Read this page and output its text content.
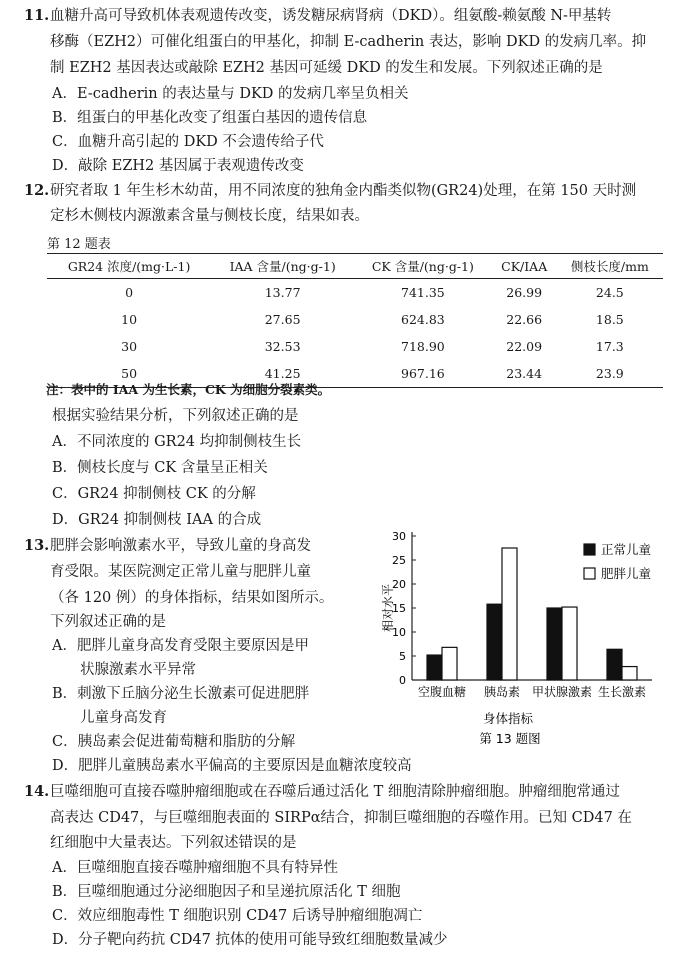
11. 血糖升高可导致机体表观遗传改变，诱发糖尿病肾病（DKD）。组氨酸-赖氨酸 N-甲基转
移酶（EZH2）可催化组蛋白的甲基化，抑制 E-cadherin 表达，影响 DKD 的发病几率。抑
制 EZH2 基因表达或敲除 EZH2 基因可延缓 DKD 的发生和发展。下列叙述正确的是
A．E-cadherin 的表达量与 DKD 的发病几率呈负相关
B．组蛋白的甲基化改变了组蛋白基因的遗传信息
C．血糖升高引起的 DKD 不会遗传给子代
D．敲除 EZH2 基因属于表观遗传改变
12. 研究者取 1 年生杉木幼苗，用不同浓度的独角金内酯类似物(GR24)处理，在第 150 天时测
定杉木侧枝内源激素含量与侧枝长度，结果如表。
第 12 题表
GR24 浓度/(mg·L-1)	IAA 含量/(ng·g-1)	CK 含量/(ng·g-1)	CK/IAA	侧枝长度/mm
0	13.77	741.35	26.99	24.5
10	27.65	624.83	22.66	18.5
30	32.53	718.90	22.09	17.3
50	41.25	967.16	23.44	23.9
注：表中的 IAA 为生长素，CK 为细胞分裂素类。
根据实验结果分析，下列叙述正确的是
A．不同浓度的 GR24 均抑制侧枝生长
B．侧枝长度与 CK 含量呈正相关
C．GR24 抑制侧枝 CK 的分解
D．GR24 抑制侧枝 IAA 的合成
13. 肥胖会影响激素水平，导致儿童的身高发
育受限。某医院测定正常儿童与肥胖儿童
（各 120 例）的身体指标，结果如图所示。
下列叙述正确的是
A．肥胖儿童身高发育受限主要原因是甲
状腺激素水平异常
B．刺激下丘脑分泌生长激素可促进肥胖
儿童身高发育
C．胰岛素会促进葡萄糖和脂肪的分解
D．肥胖儿童胰岛素水平偏高的主要原因是血糖浓度较高
0
5
10
15
20
25
30
空腹血糖 胰岛素 甲状腺激素 生长激素
正常儿童
肥胖儿童
相对水平
身体指标
第 13 题图
14. 巨噬细胞可直接吞噬肿瘤细胞或在吞噬后通过活化 T 细胞清除肿瘤细胞。肿瘤细胞常通过
高表达 CD47，与巨噬细胞表面的 SIRPα结合，抑制巨噬细胞的吞噬作用。已知 CD47 在
红细胞中大量表达。下列叙述错误的是
A．巨噬细胞直接吞噬肿瘤细胞不具有特异性
B．巨噬细胞通过分泌细胞因子和呈递抗原活化 T 细胞
C．效应细胞毒性 T 细胞识别 CD47 后诱导肿瘤细胞凋亡
D．分子靶向药抗 CD47 抗体的使用可能导致红细胞数量减少
